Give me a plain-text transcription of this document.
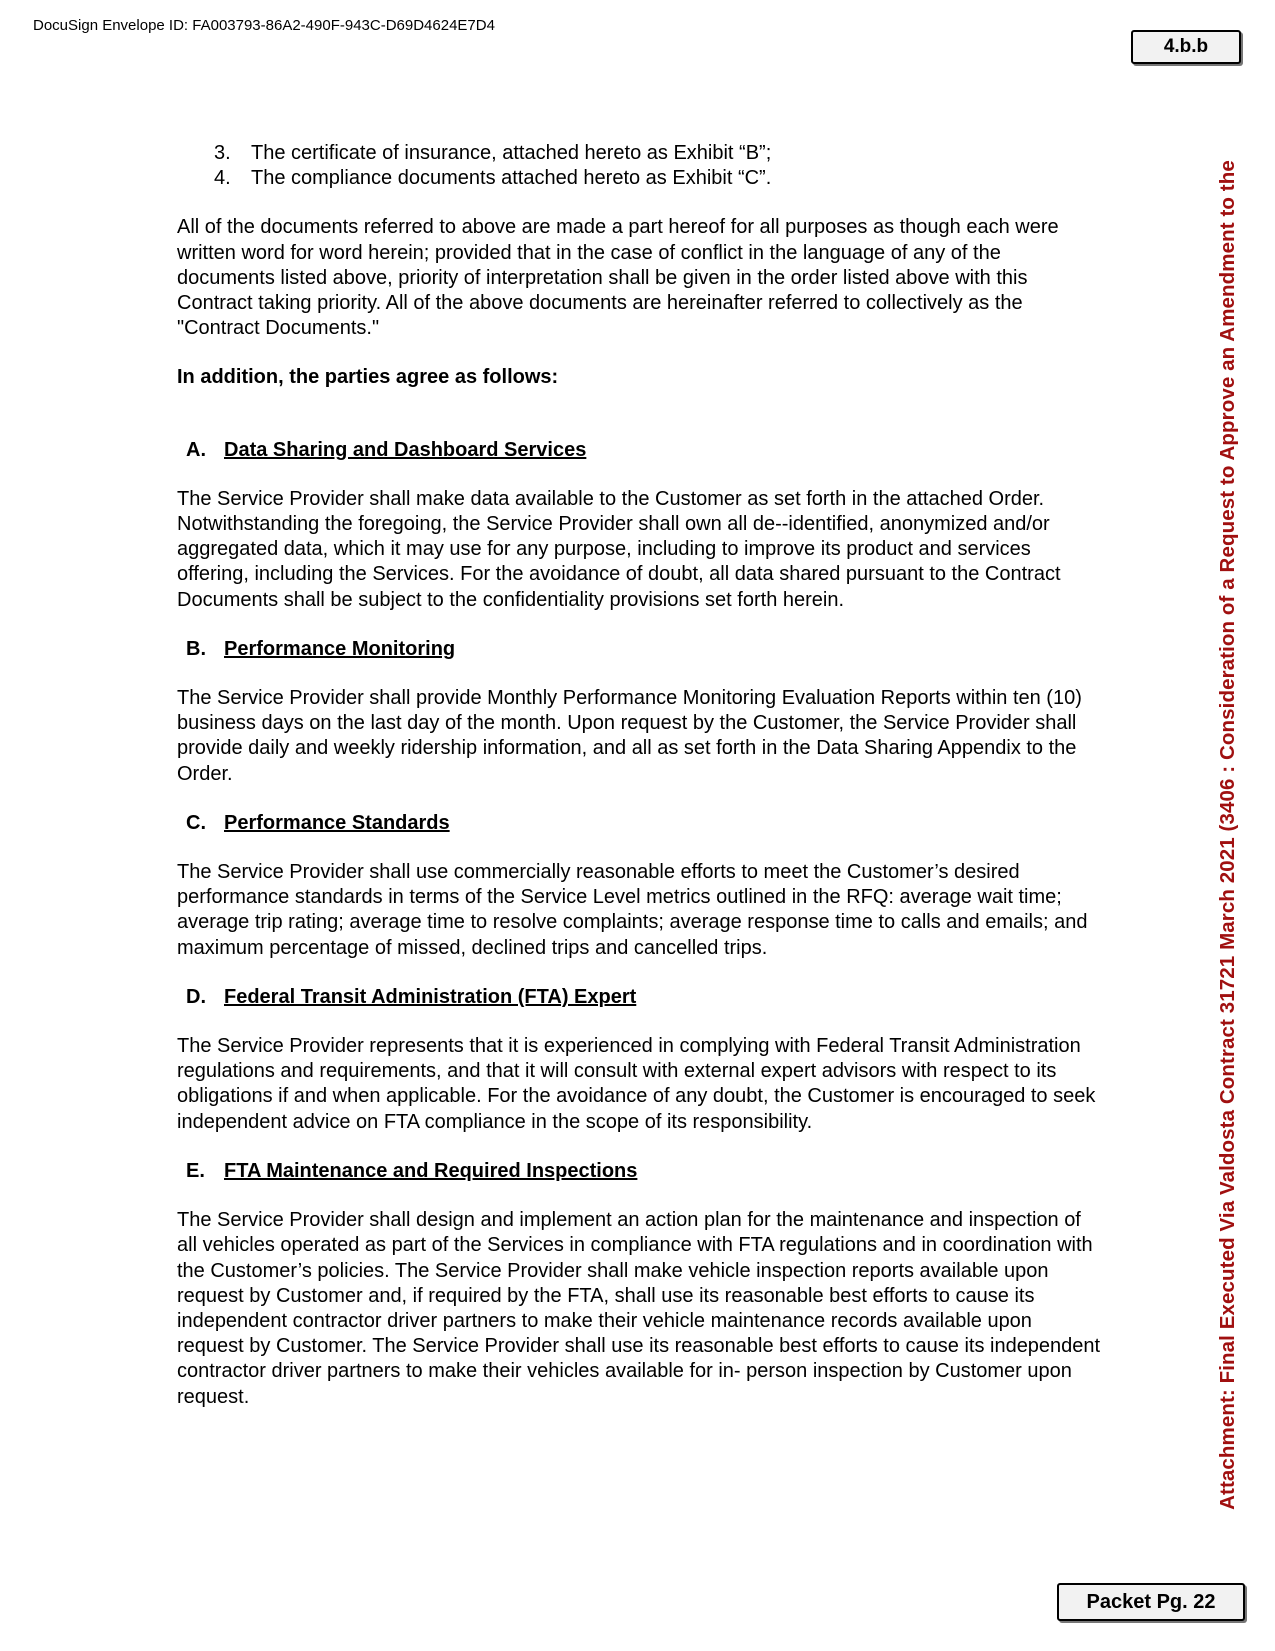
DocuSign Envelope ID: FA003793-86A2-490F-943C-D69D4624E7D4
4.b.b
Attachment: Final Executed Via Valdosta Contract 31721 March 2021 (3406 : Consideration of a Request to Approve an Amendment to the
3.	The certificate of insurance, attached hereto as Exhibit “B”;
4.	The compliance documents attached hereto as Exhibit “C”.

All of the documents referred to above are made a part hereof for all purposes as though each were written word for word herein; provided that in the case of conflict in the language of any of the documents listed above, priority of interpretation shall be given in the order listed above with this Contract taking priority. All of the above documents are hereinafter referred to collectively as the "Contract Documents."

In addition, the parties agree as follows:

A. Data Sharing and Dashboard Services

The Service Provider shall make data available to the Customer as set forth in the attached Order. Notwithstanding the foregoing, the Service Provider shall own all de--identified, anonymized and/or aggregated data, which it may use for any purpose, including to improve its product and services offering, including the Services. For the avoidance of doubt, all data shared pursuant to the Contract Documents shall be subject to the confidentiality provisions set forth herein.

B. Performance Monitoring

The Service Provider shall provide Monthly Performance Monitoring Evaluation Reports within ten (10) business days on the last day of the month. Upon request by the Customer, the Service Provider shall provide daily and weekly ridership information, and all as set forth in the Data Sharing Appendix to the Order.

C. Performance Standards

The Service Provider shall use commercially reasonable efforts to meet the Customer’s desired performance standards in terms of the Service Level metrics outlined in the RFQ: average wait time; average trip rating; average time to resolve complaints; average response time to calls and emails; and maximum percentage of missed, declined trips and cancelled trips.

D. Federal Transit Administration (FTA) Expert

The Service Provider represents that it is experienced in complying with Federal Transit Administration regulations and requirements, and that it will consult with external expert advisors with respect to its obligations if and when applicable. For the avoidance of any doubt, the Customer is encouraged to seek independent advice on FTA compliance in the scope of its responsibility.

E. FTA Maintenance and Required Inspections

The Service Provider shall design and implement an action plan for the maintenance and inspection of all vehicles operated as part of the Services in compliance with FTA regulations and in coordination with the Customer’s policies. The Service Provider shall make vehicle inspection reports available upon request by Customer and, if required by the FTA, shall use its reasonable best efforts to cause its independent contractor driver partners to make their vehicle maintenance records available upon request by Customer. The Service Provider shall use its reasonable best efforts to cause its independent contractor driver partners to make their vehicles available for in- person inspection by Customer upon request.

Packet Pg. 22
